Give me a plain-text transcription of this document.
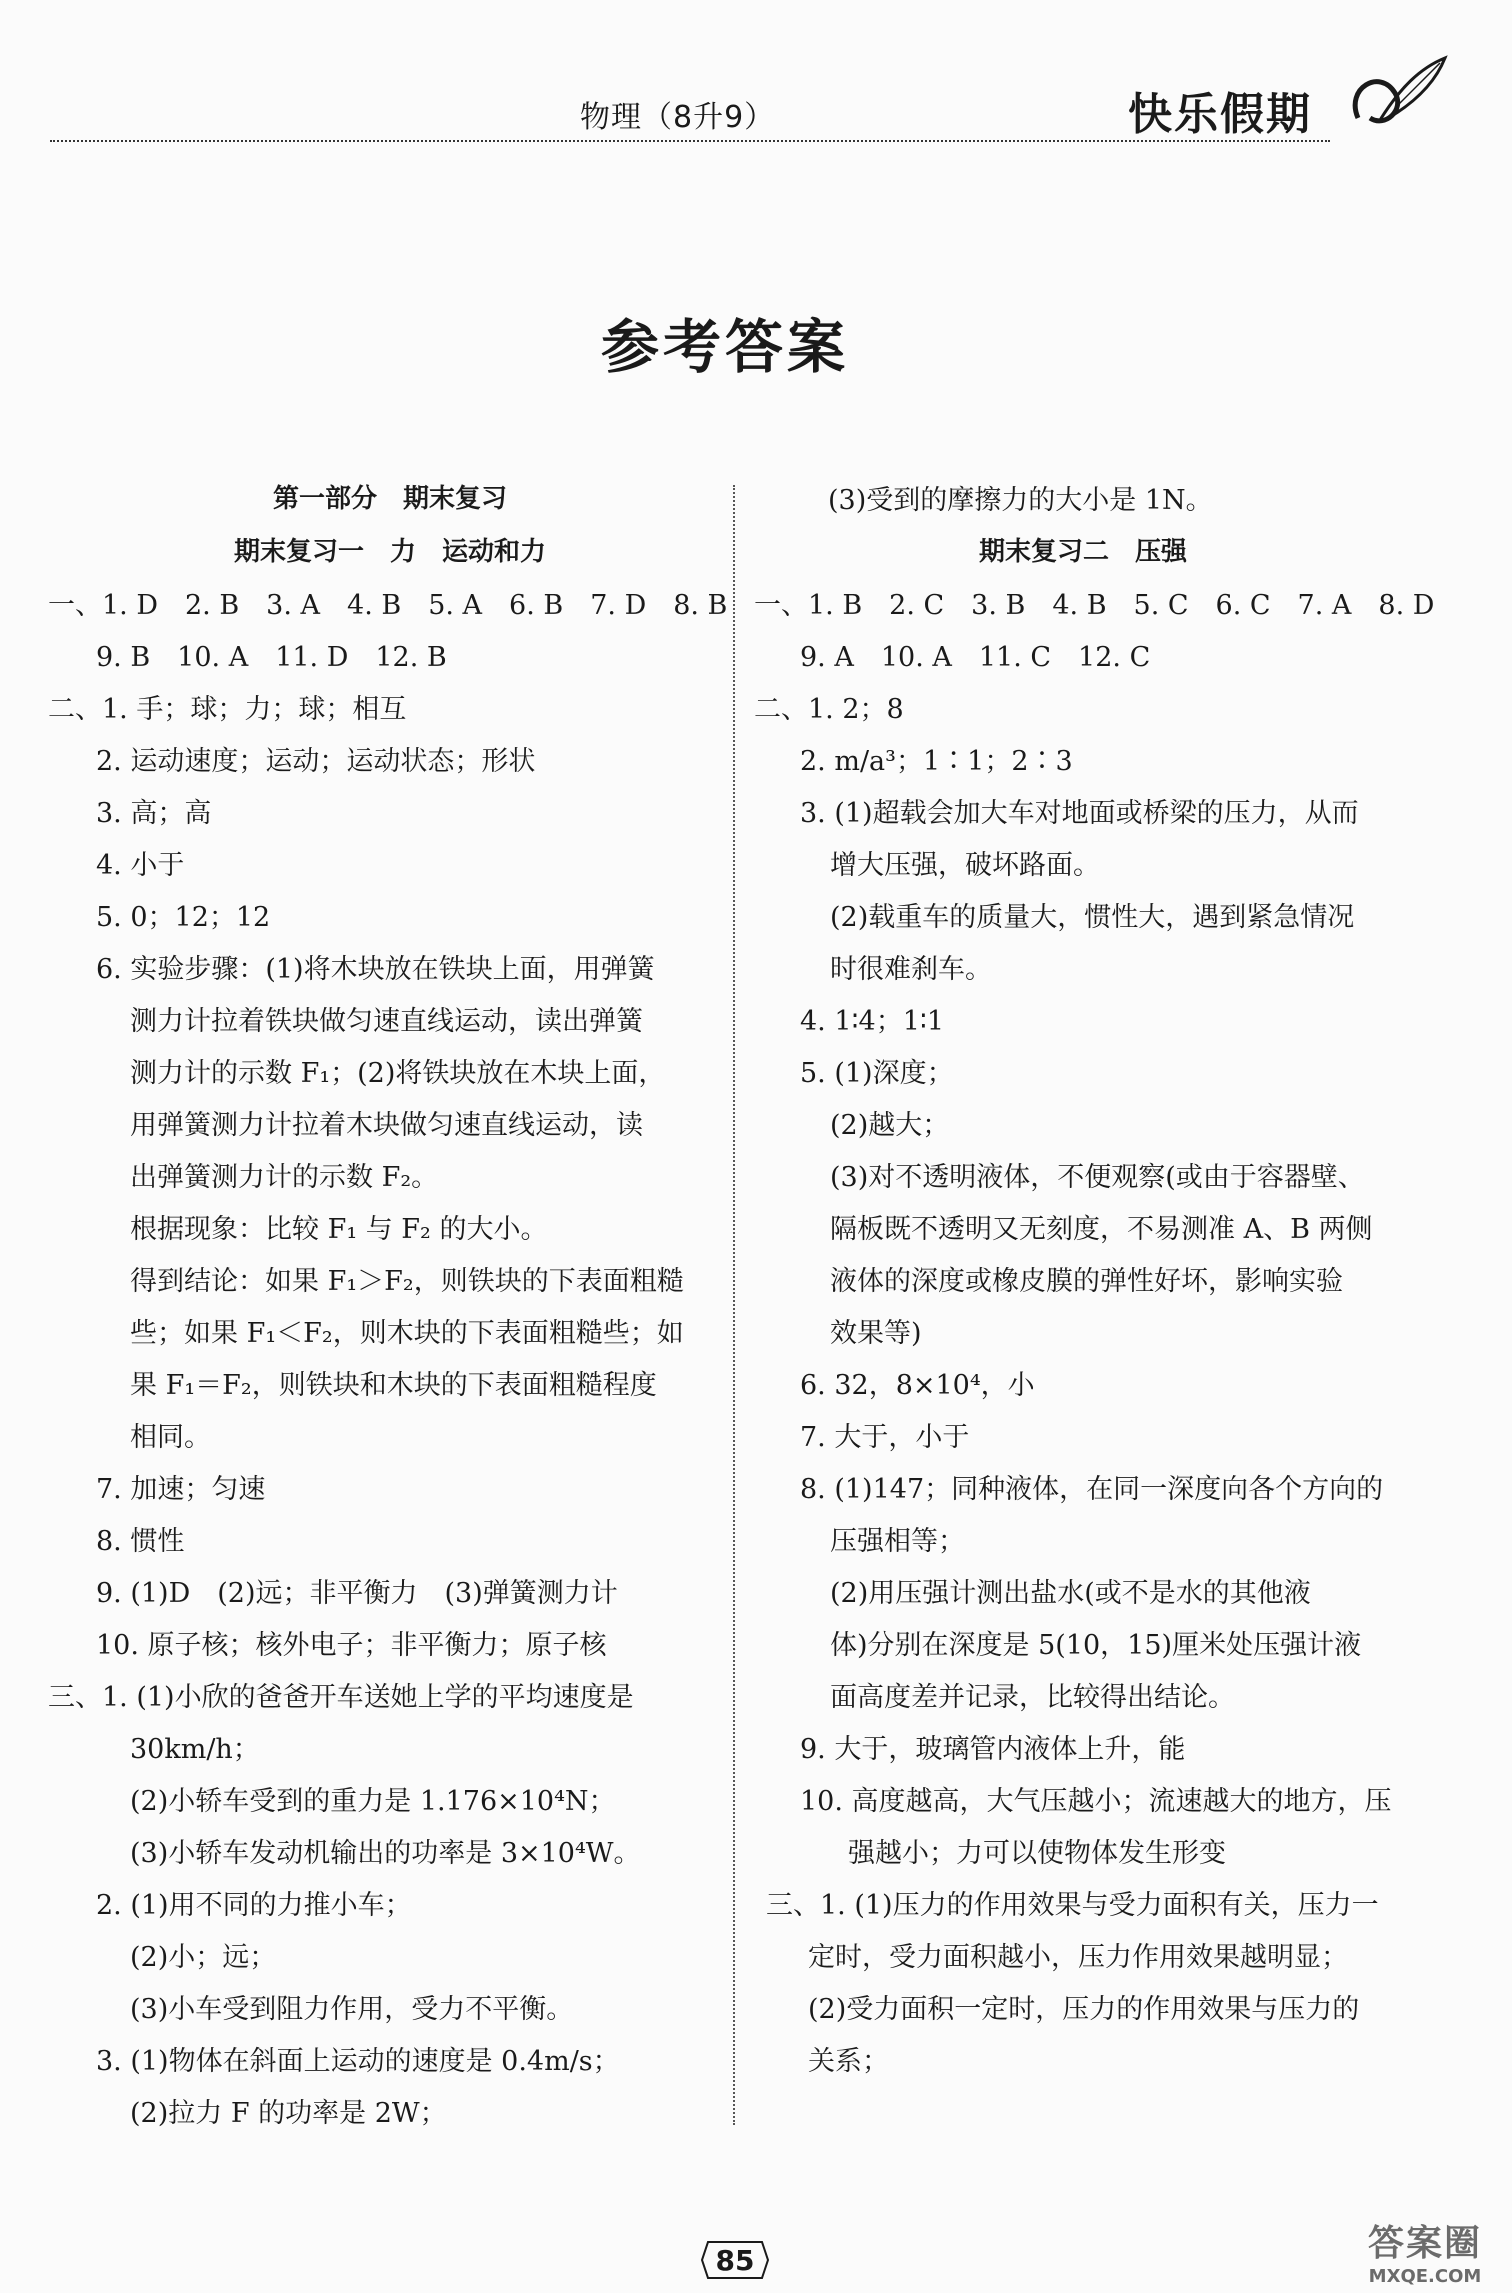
物理（8升9）	快乐假期
参考答案
第一部分　期末复习
期末复习一　力　运动和力
一、1. D　2. B　3. A　4. B　5. A　6. B　7. D　8. B
9. B　10. A　11. D　12. B
二、1. 手；球；力；球；相互
2. 运动速度；运动；运动状态；形状
3. 高；高
4. 小于
5. 0；12；12
6. 实验步骤：(1)将木块放在铁块上面，用弹簧
测力计拉着铁块做匀速直线运动，读出弹簧
测力计的示数 F₁；(2)将铁块放在木块上面，
用弹簧测力计拉着木块做匀速直线运动，读
出弹簧测力计的示数 F₂。
根据现象：比较 F₁ 与 F₂ 的大小。
得到结论：如果 F₁＞F₂，则铁块的下表面粗糙
些；如果 F₁＜F₂，则木块的下表面粗糙些；如
果 F₁＝F₂，则铁块和木块的下表面粗糙程度
相同。
7. 加速；匀速
8. 惯性
9. (1)D　(2)远；非平衡力　(3)弹簧测力计
10. 原子核；核外电子；非平衡力；原子核
三、1. (1)小欣的爸爸开车送她上学的平均速度是
30km/h；
(2)小轿车受到的重力是 1.176×10⁴N；
(3)小轿车发动机输出的功率是 3×10⁴W。
2. (1)用不同的力推小车；
(2)小；远；
(3)小车受到阻力作用，受力不平衡。
3. (1)物体在斜面上运动的速度是 0.4m/s；
(2)拉力 F 的功率是 2W；
(3)受到的摩擦力的大小是 1N。
期末复习二　压强
一、1. B　2. C　3. B　4. B　5. C　6. C　7. A　8. D
9. A　10. A　11. C　12. C
二、1. 2；8
2. m/a³；1∶1；2∶3
3. (1)超载会加大车对地面或桥梁的压力，从而
增大压强，破坏路面。
(2)载重车的质量大，惯性大，遇到紧急情况
时很难刹车。
4. 1∶4；1∶1
5. (1)深度；
(2)越大；
(3)对不透明液体，不便观察(或由于容器壁、
隔板既不透明又无刻度，不易测准 A、B 两侧
液体的深度或橡皮膜的弹性好坏，影响实验
效果等)
6. 32，8×10⁴，小
7. 大于，小于
8. (1)147；同种液体，在同一深度向各个方向的
压强相等；
(2)用压强计测出盐水(或不是水的其他液
体)分别在深度是 5(10，15)厘米处压强计液
面高度差并记录，比较得出结论。
9. 大于，玻璃管内液体上升，能
10. 高度越高，大气压越小；流速越大的地方，压
强越小；力可以使物体发生形变
三、1. (1)压力的作用效果与受力面积有关，压力一
定时，受力面积越小，压力作用效果越明显；
(2)受力面积一定时，压力的作用效果与压力的
关系；
85	答案圈
MXQE.COM
